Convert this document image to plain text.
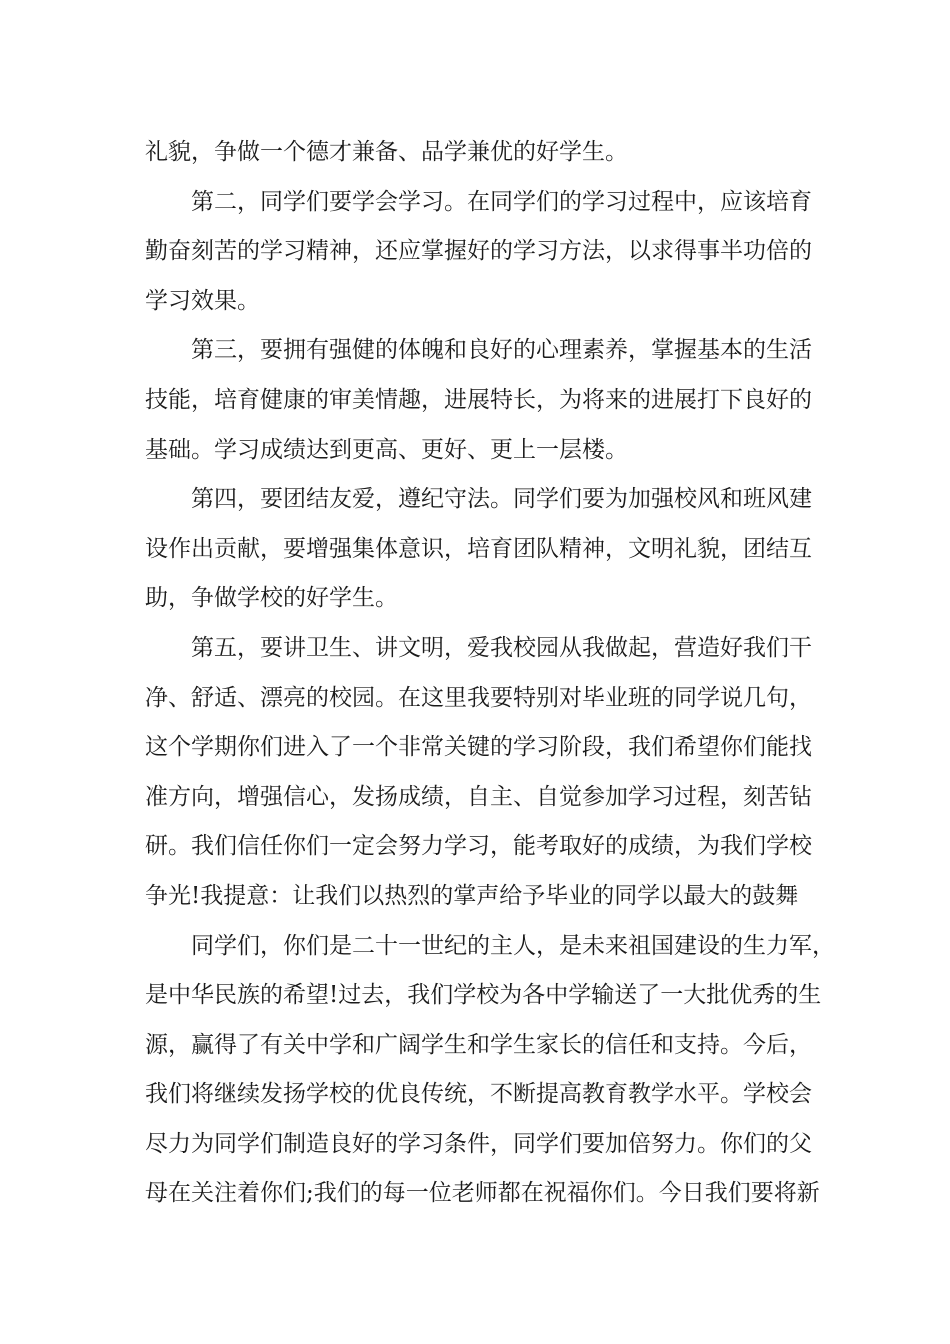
礼貌，争做一个德才兼备、品学兼优的好学生。
第二，同学们要学会学习。在同学们的学习过程中，应该培育
勤奋刻苦的学习精神，还应掌握好的学习方法，以求得事半功倍的
学习效果。
第三，要拥有强健的体魄和良好的心理素养，掌握基本的生活
技能，培育健康的审美情趣，进展特长，为将来的进展打下良好的
基础。学习成绩达到更高、更好、更上一层楼。
第四，要团结友爱，遵纪守法。同学们要为加强校风和班风建
设作出贡献，要增强集体意识，培育团队精神，文明礼貌，团结互
助，争做学校的好学生。
第五，要讲卫生、讲文明，爱我校园从我做起，营造好我们干
净、舒适、漂亮的校园。在这里我要特别对毕业班的同学说几句，
这个学期你们进入了一个非常关键的学习阶段，我们希望你们能找
准方向，增强信心，发扬成绩，自主、自觉参加学习过程，刻苦钻
研。我们信任你们一定会努力学习，能考取好的成绩，为我们学校
争光!我提意：让我们以热烈的掌声给予毕业的同学以最大的鼓舞
同学们，你们是二十一世纪的主人，是未来祖国建设的生力军，
是中华民族的希望!过去，我们学校为各中学输送了一大批优秀的生
源，赢得了有关中学和广阔学生和学生家长的信任和支持。今后，
我们将继续发扬学校的优良传统，不断提高教育教学水平。学校会
尽力为同学们制造良好的学习条件，同学们要加倍努力。你们的父
母在关注着你们;我们的每一位老师都在祝福你们。今日我们要将新
